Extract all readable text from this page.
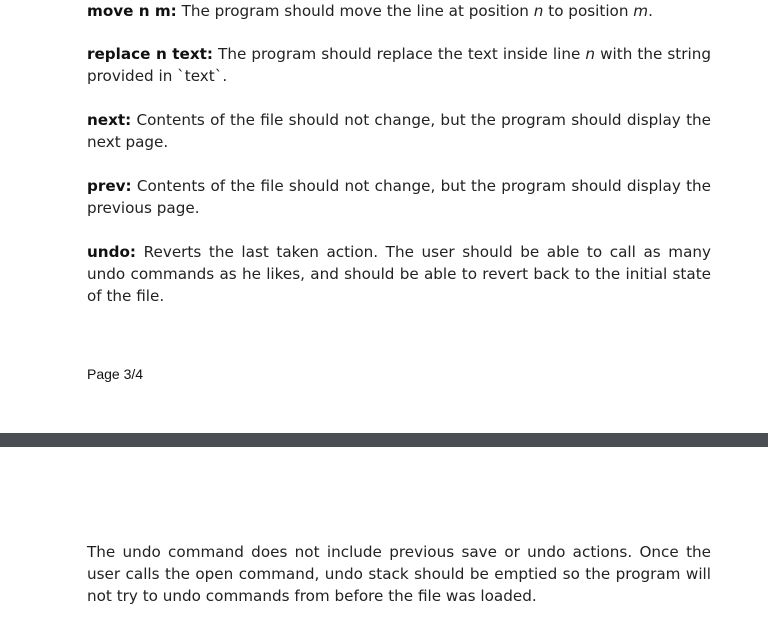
move n m: The program should move the line at position n to position m.

replace n text: The program should replace the text inside line n with the string provided in `text`.

next: Contents of the file should not change, but the program should display the next page.

prev: Contents of the file should not change, but the program should display the previous page.

undo: Reverts the last taken action. The user should be able to call as many undo commands as he likes, and should be able to revert back to the initial state of the file.

Page 3/4

The undo command does not include previous save or undo actions. Once the user calls the open command, undo stack should be emptied so the program will not try to undo commands from before the file was loaded.
